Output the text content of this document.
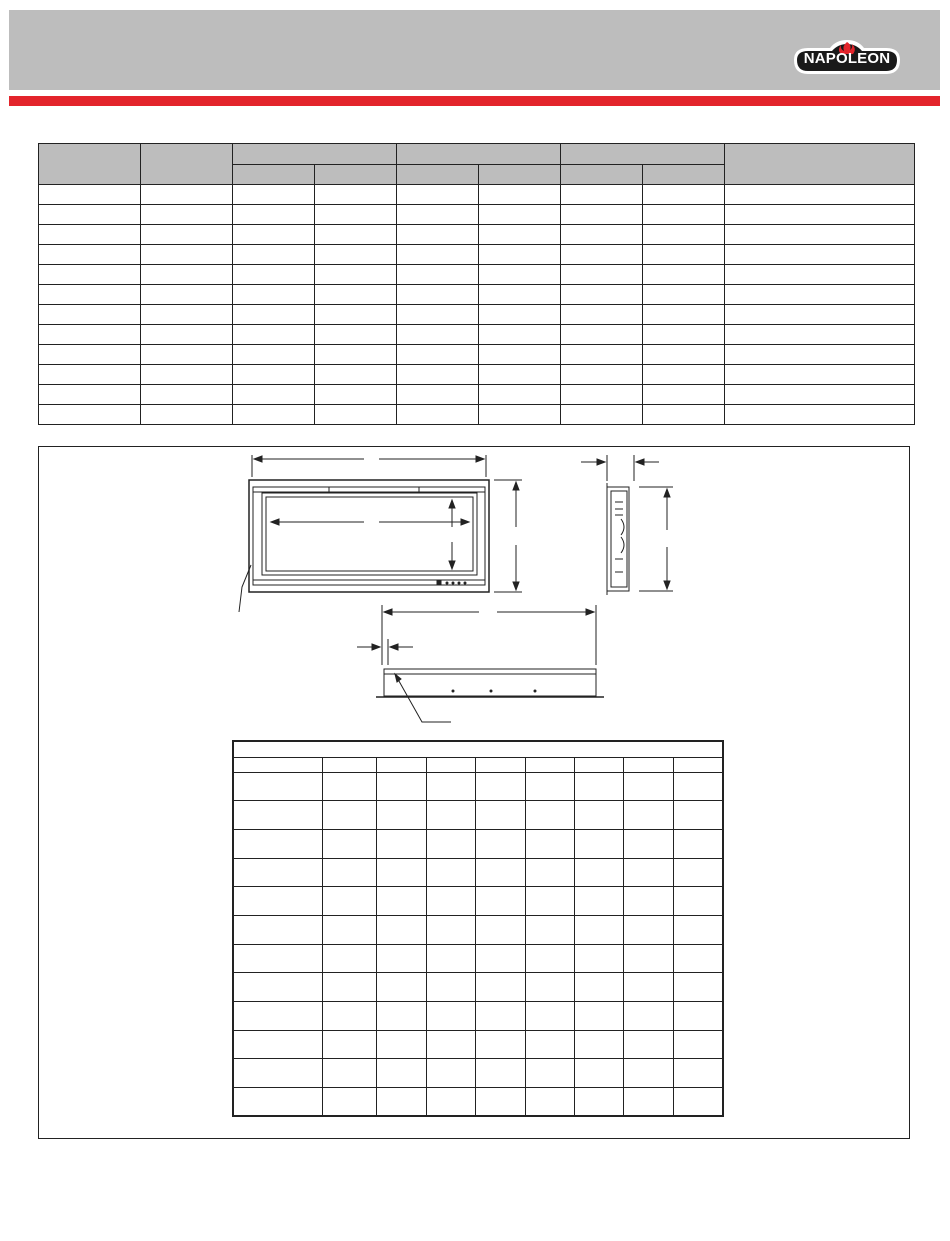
NAPOLEON
